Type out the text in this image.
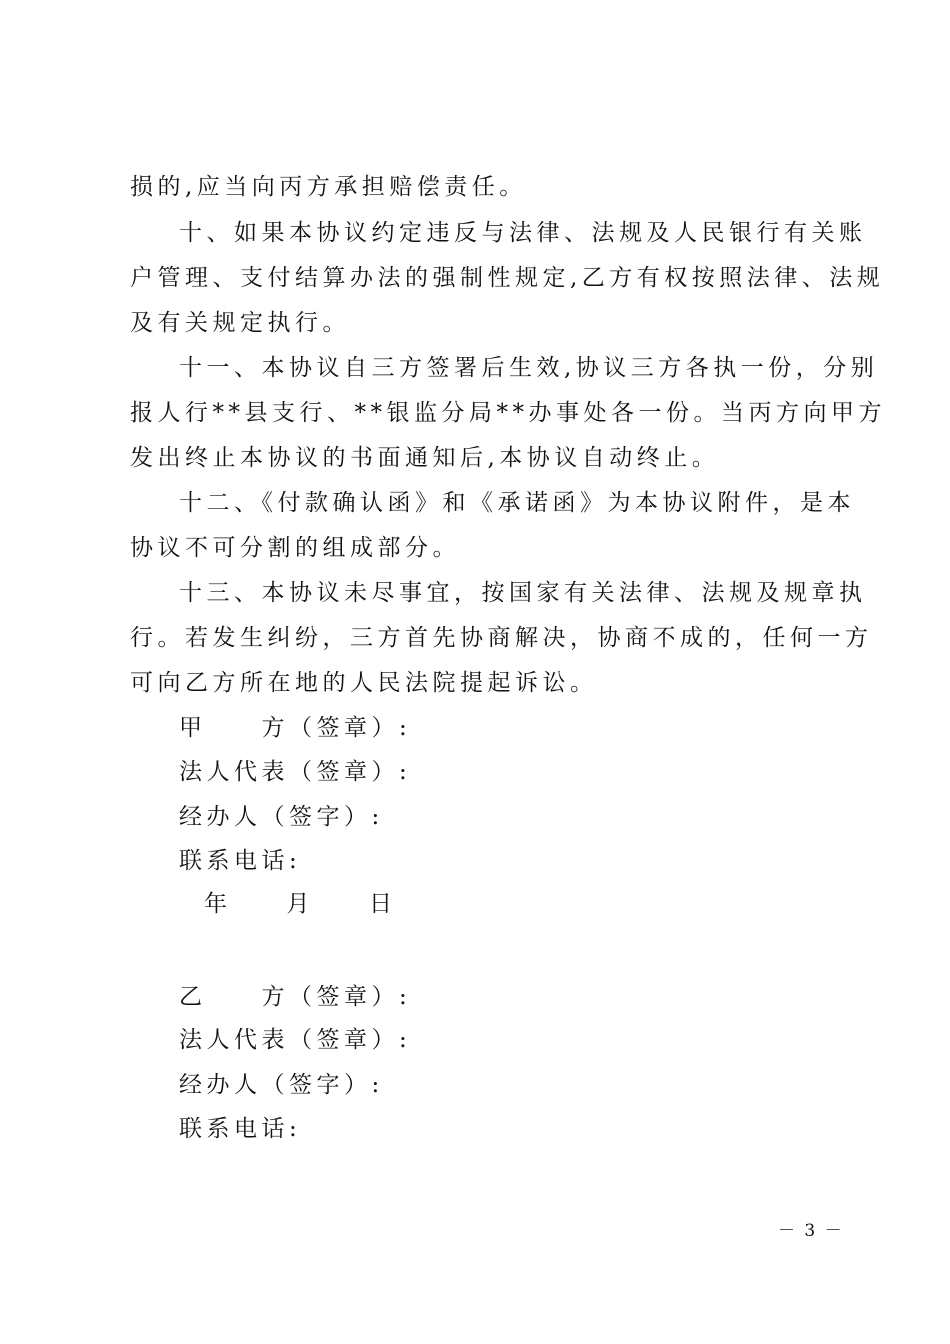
损的,应当向丙方承担赔偿责任。
十、如果本协议约定违反与法律、法规及人民银行有关账
户管理、支付结算办法的强制性规定,乙方有权按照法律、法规
及有关规定执行。
十一、本协议自三方签署后生效,协议三方各执一份，分别
报人行**县支行、**银监分局**办事处各一份。当丙方向甲方
发出终止本协议的书面通知后,本协议自动终止。
十二、《付款确认函》和《承诺函》为本协议附件，是本
协议不可分割的组成部分。
十三、本协议未尽事宜，按国家有关法律、法规及规章执
行。若发生纠纷，三方首先协商解决，协商不成的，任何一方
可向乙方所在地的人民法院提起诉讼。
甲　　方（签章）:
法人代表（签章）:
经办人（签字）:
联系电话:
年　　月　　日
乙　　方（签章）:
法人代表（签章）:
经办人（签字）:
联系电话:
－ 3 －
